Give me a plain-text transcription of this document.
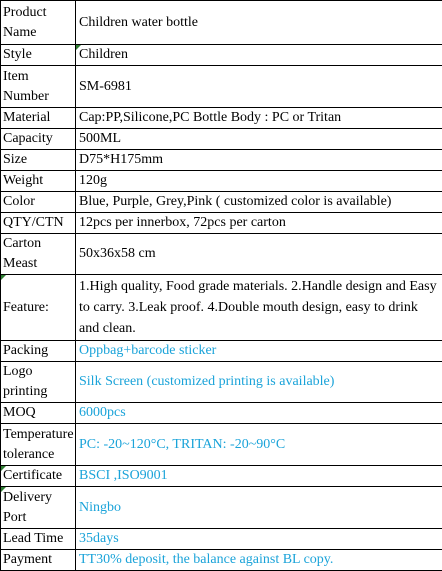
Product Name	Children water bottle
Style	Children
Item Number	SM-6981
Material	Cap:PP,Silicone,PC Bottle Body : PC or Tritan
Capacity	500ML
Size	D75*H175mm
Weight	120g
Color	Blue, Purple, Grey,Pink ( customized color is available)
QTY/CTN	12pcs per innerbox, 72pcs per carton
Carton Meast	50x36x58 cm
Feature:	1.High quality, Food grade materials. 2.Handle design and Easy to carry. 3.Leak proof. 4.Double mouth design, easy to drink and clean.
Packing	Oppbag+barcode sticker
Logo printing	Silk Screen (customized printing is available)
MOQ	6000pcs
Temperature tolerance	PC: -20~120°C, TRITAN: -20~90°C
Certificate	BSCI ,ISO9001
Delivery Port	Ningbo
Lead Time	35days
Payment	TT30% deposit, the balance against BL copy.
